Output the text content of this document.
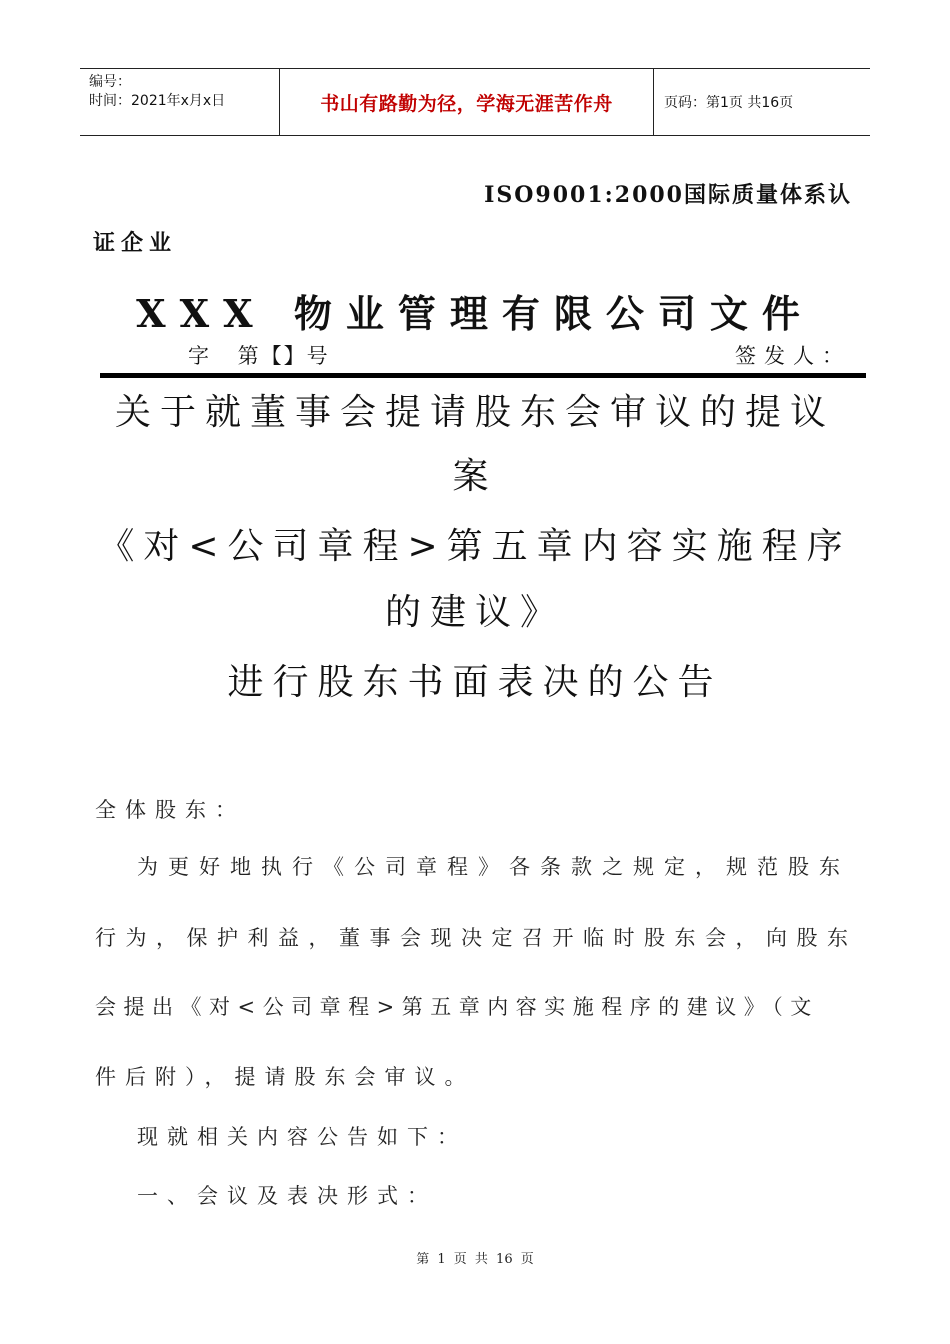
编号：
时间：2021年x月x日	书山有路勤为径，学海无涯苦作舟	页码：第1页 共16页
ISO9001:2000国际质量体系认
证企业
XXX 物业管理有限公司文件
字 第【】号	签发人：
关于就董事会提请股东会审议的提议
案
《对<公司章程>第五章内容实施程序
的建议》
进行股东书面表决的公告
全体股东：
为更好地执行《公司章程》各条款之规定，规范股东
行为，保护利益，董事会现决定召开临时股东会，向股东
会提出《对<公司章程>第五章内容实施程序的建议》（文
件后附），提请股东会审议。
现就相关内容公告如下：
一、会议及表决形式：
第 1 页 共 16 页
